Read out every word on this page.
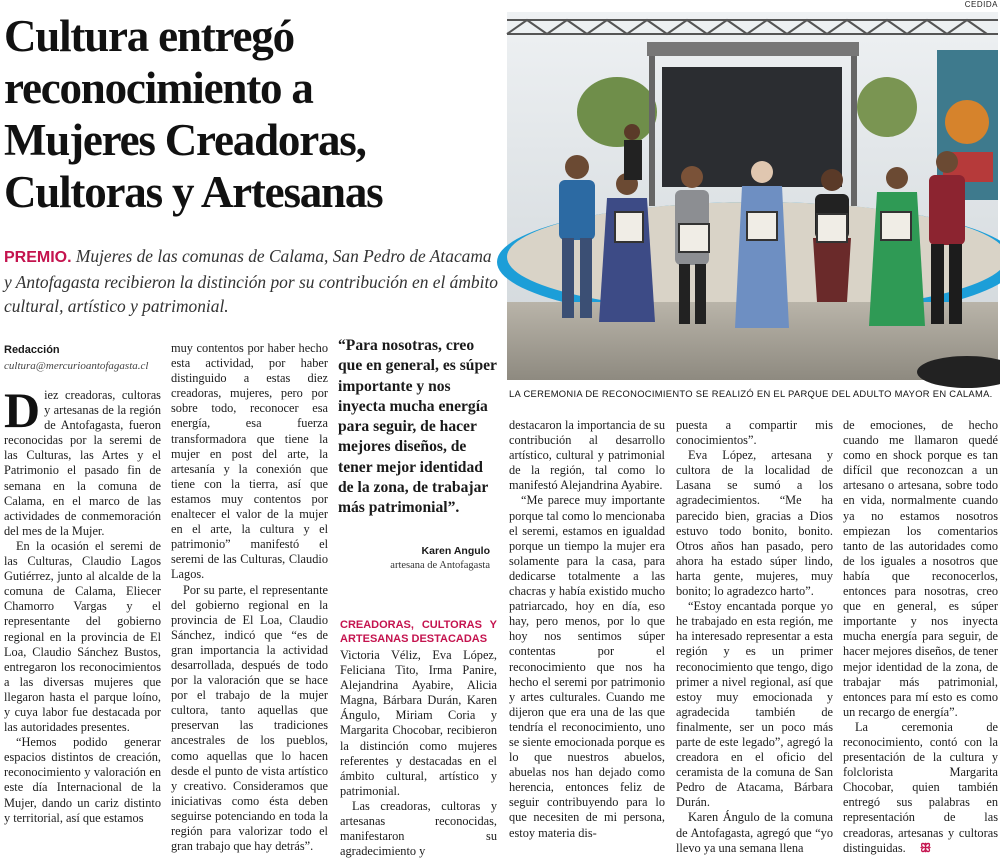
Cultura entregó
reconocimiento a
Mujeres Creadoras,
Cultoras y Artesanas
PREMIO. Mujeres de las comunas de Calama, San Pedro de Atacama y Antofagasta recibieron la distinción por su contribución en el ámbito cultural, artístico y patrimonial.
CEDIDA
LA CEREMONIA DE RECONOCIMIENTO SE REALIZÓ EN EL PARQUE DEL ADULTO MAYOR EN CALAMA.
Redacción
cultura@mercurioantofagasta.cl

Diez creadoras, cultoras y artesanas de la región de Antofagasta, fueron reconocidas por la seremi de las Culturas, las Artes y el Patrimonio el pasado fin de semana en la comuna de Calama, en el marco de las actividades de conmemoración del mes de la Mujer.

En la ocasión el seremi de las Culturas, Claudio Lagos Gutiérrez, junto al alcalde de la comuna de Calama, Eliecer Chamorro Vargas y el representante del gobierno regional en la provincia de El Loa, Claudio Sánchez Bustos, entregaron los reconocimientos a las diversas mujeres que llegaron hasta el parque loíno, y cuya labor fue destacada por las autoridades presentes.

“Hemos podido generar espacios distintos de creación, reconocimiento y valoración en este día Internacional de la Mujer, dando un cariz distinto y territorial, así que estamos

muy contentos por haber hecho esta actividad, por haber distinguido a estas diez creadoras, mujeres, pero por sobre todo, reconocer esa energía, esa fuerza transformadora que tiene la mujer en post del arte, la artesanía y la conexión que tiene con la tierra, así que estamos muy contentos por enaltecer el valor de la mujer en el arte, la cultura y el patrimonio” manifestó el seremi de las Culturas, Claudio Lagos.

Por su parte, el representante del gobierno regional en la provincia de El Loa, Claudio Sánchez, indicó que “es de gran importancia la actividad desarrollada, después de todo por la valoración que se hace por el trabajo de la mujer cultora, tanto aquellas que preservan las tradiciones ancestrales de los pueblos, como aquellas que lo hacen desde el punto de vista artístico y creativo. Consideramos que iniciativas como ésta deben seguirse potenciando en toda la región para valorizar todo el gran trabajo que hay detrás”.

“Para nosotras, creo que en general, es súper importante y nos inyecta mucha energía para seguir, de hacer mejores diseños, de tener mejor identidad de la zona, de trabajar más patrimonial”.
Karen Angulo
artesana de Antofagasta
CREADORAS, CULTORAS Y ARTESANAS DESTACADAS

Victoria Véliz, Eva López, Feliciana Tito, Irma Panire, Alejandrina Ayabire, Alicia Magna, Bárbara Durán, Karen Ángulo, Miriam Coria y Margarita Chocobar, recibieron la distinción como mujeres referentes y destacadas en el ámbito cultural, artístico y patrimonial.

Las creadoras, cultoras y artesanas reconocidas, manifestaron su agradecimiento y

destacaron la importancia de su contribución al desarrollo artístico, cultural y patrimonial de la región, tal como lo manifestó Alejandrina Ayabire.

“Me parece muy importante porque tal como lo mencionaba el seremi, estamos en igualdad porque un tiempo la mujer era solamente para la casa, para dedicarse totalmente a las chacras y había existido mucho patriarcado, hoy en día, eso hay, pero menos, por lo que hoy nos sentimos súper contentas por el reconocimiento que nos ha hecho el seremi por patrimonio y artes culturales. Cuando me dijeron que era una de las que tendría el reconocimiento, uno se siente emocionada porque es lo que nuestros abuelos, abuelas nos han dejado como herencia, entonces feliz de seguir contribuyendo para lo que necesiten de mi persona, estoy materia dis-

puesta a compartir mis conocimientos”.

Eva López, artesana y cultora de la localidad de Lasana se sumó a los agradecimientos. “Me ha parecido bien, gracias a Dios estuvo todo bonito, bonito. Otros años han pasado, pero ahora ha estado súper lindo, harta gente, mujeres, muy bonito; lo agradezco harto”.

“Estoy encantada porque yo he trabajado en esta región, me ha interesado representar a esta región y es un primer reconocimiento que tengo, digo primer a nivel regional, así que estoy muy emocionada y agradecida también de finalmente, ser un poco más parte de este legado”, agregó la creadora en el oficio del ceramista de la comuna de San Pedro de Atacama, Bárbara Durán.

Karen Ángulo de la comuna de Antofagasta, agregó que “yo llevo ya una semana llena

de emociones, de hecho cuando me llamaron quedé como en shock porque es tan difícil que reconozcan a un artesano o artesana, sobre todo en vida, normalmente cuando ya no estamos nosotros empiezan los comentarios tanto de las autoridades como de los iguales a nosotros que había que reconocerlos, entonces para nosotras, creo que en general, es súper importante y nos inyecta mucha energía para seguir, de hacer mejores diseños, de tener mejor identidad de la zona, de trabajar más patrimonial, entonces para mí esto es como un recargo de energía”.

La ceremonia de reconocimiento, contó con la presentación de la cultura y folclorista Margarita Chocobar, quien también entregó sus palabras en representación de las creadoras, artesanas y cultoras distinguidas. ꕥ
